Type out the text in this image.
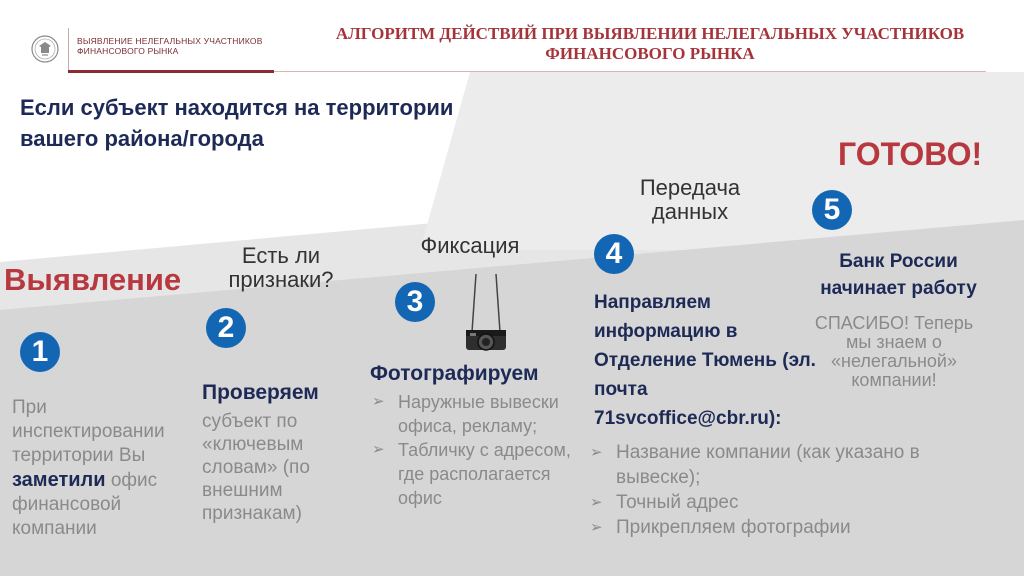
ВЫЯВЛЕНИЕ НЕЛЕГАЛЬНЫХ УЧАСТНИКОВ
ФИНАНСОВОГО РЫНКА
АЛГОРИТМ ДЕЙСТВИЙ ПРИ ВЫЯВЛЕНИИ НЕЛЕГАЛЬНЫХ УЧАСТНИКОВ
ФИНАНСОВОГО РЫНКА
Если субъект находится на территории
вашего района/города	ГОТОВО!
Выявление
Есть ли
признаки?
Фиксация
Передача
данных
1
При инспектировании территории Вы заметили офис финансовой компании
2
Проверяем
субъект по «ключевым словам» (по внешним признакам)
3
Фотографируем
➢ Наружные вывески офиса, рекламу;
➢ Табличку с адресом, где располагается офис
4
Направляем информацию в Отделение Тюмень (эл. почта 71svcoffice@cbr.ru):
➢ Название компании (как указано в вывеске);
➢ Точный адрес
➢ Прикрепляем фотографии
5
Банк России начинает работу
СПАСИБО! Теперь мы знаем о «нелегальной» компании!
